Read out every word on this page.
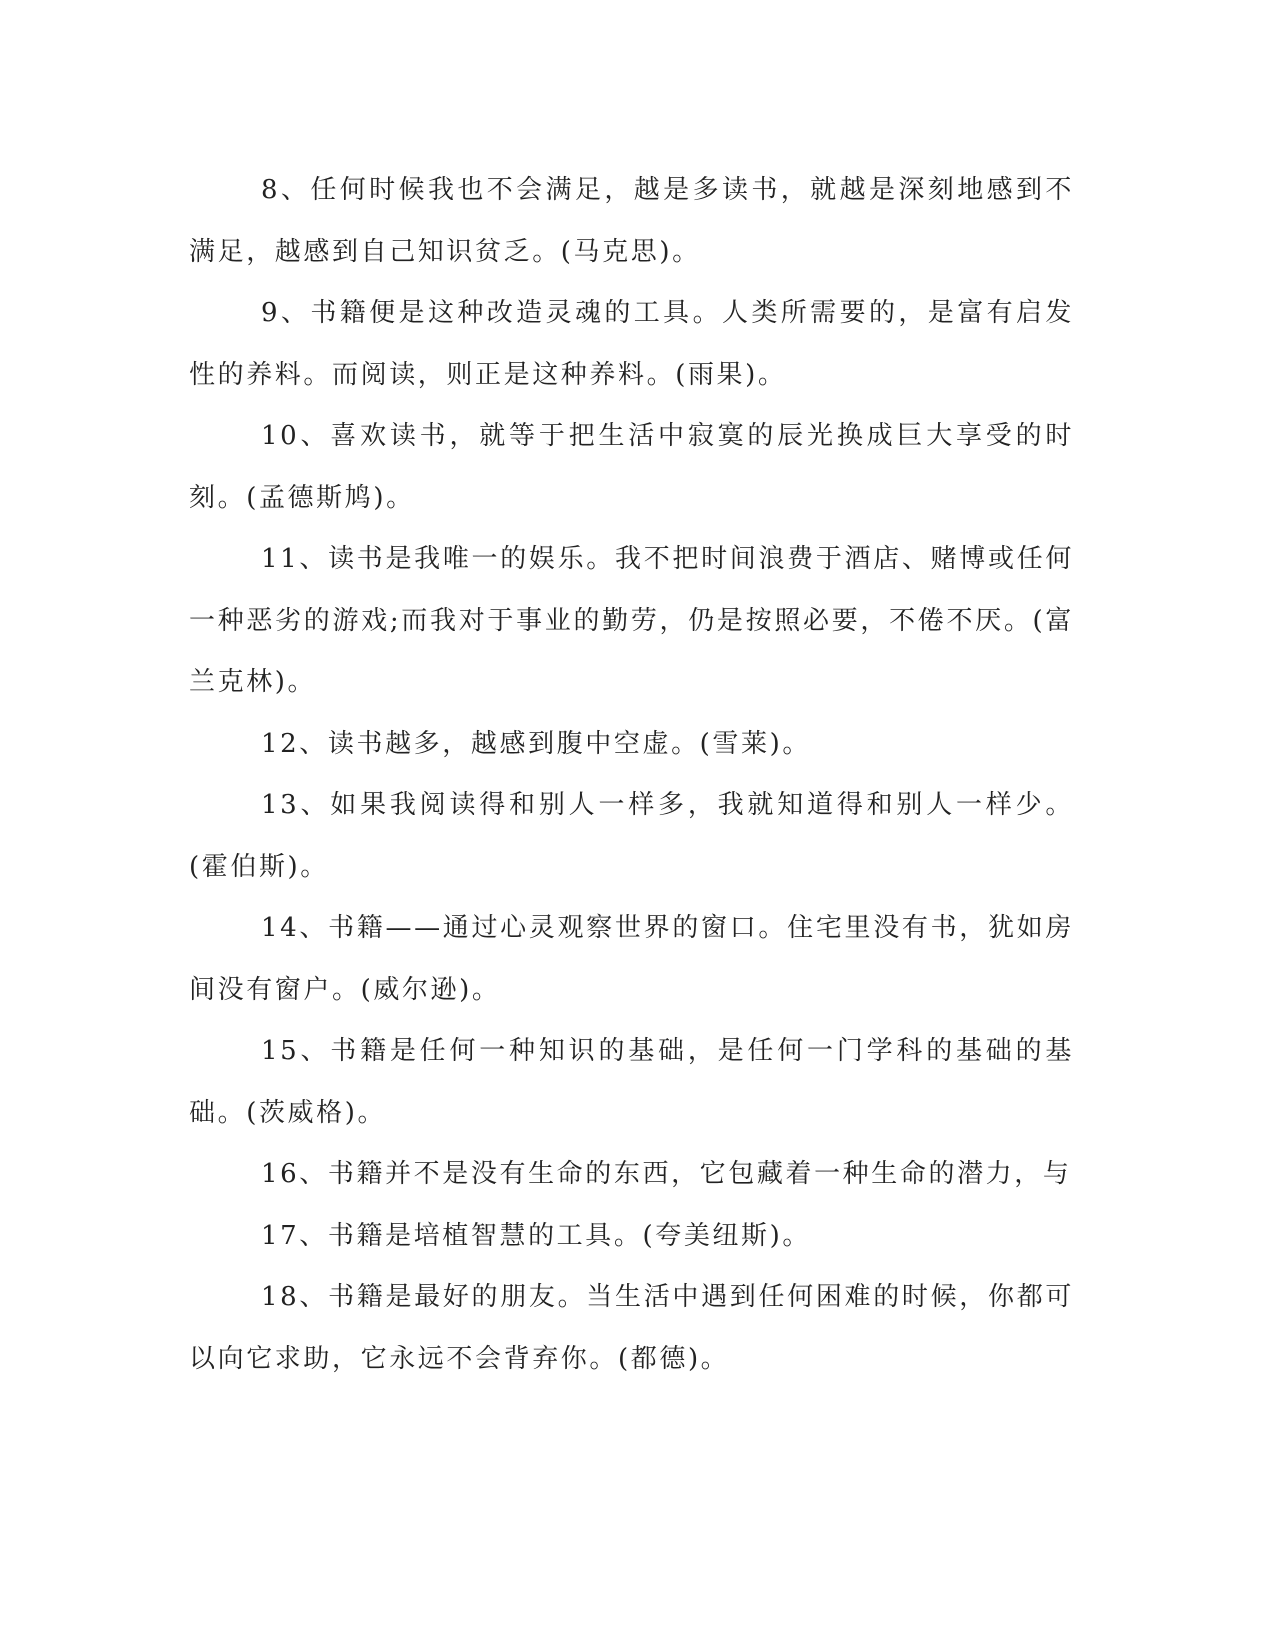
8、任何时候我也不会满足，越是多读书，就越是深刻地感到不满足，越感到自己知识贫乏。(马克思)。

9、书籍便是这种改造灵魂的工具。人类所需要的，是富有启发性的养料。而阅读，则正是这种养料。(雨果)。

10、喜欢读书，就等于把生活中寂寞的辰光换成巨大享受的时刻。(孟德斯鸠)。

11、读书是我唯一的娱乐。我不把时间浪费于酒店、赌博或任何一种恶劣的游戏;而我对于事业的勤劳，仍是按照必要，不倦不厌。(富兰克林)。

12、读书越多，越感到腹中空虚。(雪莱)。

13、如果我阅读得和别人一样多，我就知道得和别人一样少。(霍伯斯)。

14、书籍——通过心灵观察世界的窗口。住宅里没有书，犹如房间没有窗户。(威尔逊)。

15、书籍是任何一种知识的基础，是任何一门学科的基础的基础。(茨威格)。

16、书籍并不是没有生命的东西，它包藏着一种生命的潜力，与

17、书籍是培植智慧的工具。(夸美纽斯)。

18、书籍是最好的朋友。当生活中遇到任何困难的时候，你都可以向它求助，它永远不会背弃你。(都德)。
